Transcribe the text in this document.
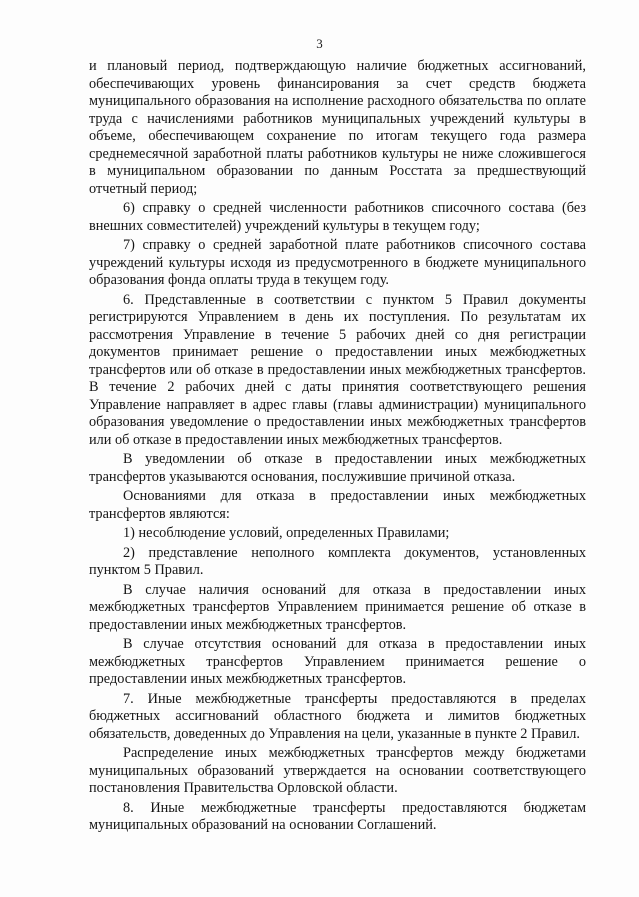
3

и плановый период, подтверждающую наличие бюджетных ассигнований, обеспечивающих уровень финансирования за счет средств бюджета муниципального образования на исполнение расходного обязательства по оплате труда с начислениями работников муниципальных учреждений культуры в объеме, обеспечивающем сохранение по итогам текущего года размера среднемесячной заработной платы работников культуры не ниже сложившегося в муниципальном образовании по данным Росстата за предшествующий отчетный период;

6) справку о средней численности работников списочного состава (без внешних совместителей) учреждений культуры в текущем году;

7) справку о средней заработной плате работников списочного состава учреждений культуры исходя из предусмотренного в бюджете муниципального образования фонда оплаты труда в текущем году.

6. Представленные в соответствии с пунктом 5 Правил документы регистрируются Управлением в день их поступления. По результатам их рассмотрения Управление в течение 5 рабочих дней со дня регистрации документов принимает решение о предоставлении иных межбюджетных трансфертов или об отказе в предоставлении иных межбюджетных трансфертов. В течение 2 рабочих дней с даты принятия соответствующего решения Управление направляет в адрес главы (главы администрации) муниципального образования уведомление о предоставлении иных межбюджетных трансфертов или об отказе в предоставлении иных межбюджетных трансфертов.

В уведомлении об отказе в предоставлении иных межбюджетных трансфертов указываются основания, послужившие причиной отказа.

Основаниями для отказа в предоставлении иных межбюджетных трансфертов являются:

1) несоблюдение условий, определенных Правилами;

2) представление неполного комплекта документов, установленных пунктом 5 Правил.

В случае наличия оснований для отказа в предоставлении иных межбюджетных трансфертов Управлением принимается решение об отказе в предоставлении иных межбюджетных трансфертов.

В случае отсутствия оснований для отказа в предоставлении иных межбюджетных трансфертов Управлением принимается решение о предоставлении иных межбюджетных трансфертов.

7. Иные межбюджетные трансферты предоставляются в пределах бюджетных ассигнований областного бюджета и лимитов бюджетных обязательств, доведенных до Управления на цели, указанные в пункте 2 Правил.

Распределение иных межбюджетных трансфертов между бюджетами муниципальных образований утверждается на основании соответствующего постановления Правительства Орловской области.

8. Иные межбюджетные трансферты предоставляются бюджетам муниципальных образований на основании Соглашений.
